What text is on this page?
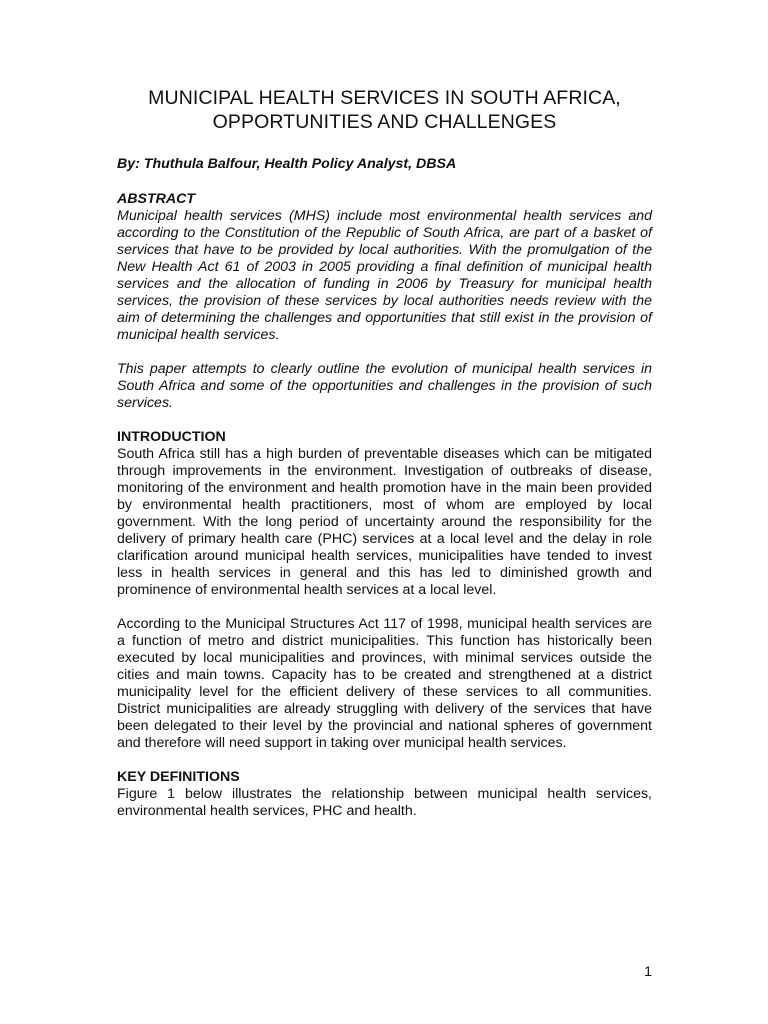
MUNICIPAL HEALTH SERVICES IN SOUTH AFRICA,
OPPORTUNITIES AND CHALLENGES
By: Thuthula Balfour, Health Policy Analyst, DBSA
ABSTRACT

Municipal health services (MHS) include most environmental health services and according to the Constitution of the Republic of South Africa, are part of a basket of services that have to be provided by local authorities. With the promulgation of the New Health Act 61 of 2003 in 2005 providing a final definition of municipal health services and the allocation of funding in 2006 by Treasury for municipal health services, the provision of these services by local authorities needs review with the aim of determining the challenges and opportunities that still exist in the provision of municipal health services.

This paper attempts to clearly outline the evolution of municipal health services in South Africa and some of the opportunities and challenges in the provision of such services.

INTRODUCTION

South Africa still has a high burden of preventable diseases which can be mitigated through improvements in the environment. Investigation of outbreaks of disease, monitoring of the environment and health promotion have in the main been provided by environmental health practitioners, most of whom are employed by local government. With the long period of uncertainty around the responsibility for the delivery of primary health care (PHC) services at a local level and the delay in role clarification around municipal health services, municipalities have tended to invest less in health services in general and this has led to diminished growth and prominence of environmental health services at a local level.

According to the Municipal Structures Act 117 of 1998, municipal health services are a function of metro and district municipalities. This function has historically been executed by local municipalities and provinces, with minimal services outside the cities and main towns. Capacity has to be created and strengthened at a district municipality level for the efficient delivery of these services to all communities. District municipalities are already struggling with delivery of the services that have been delegated to their level by the provincial and national spheres of government and therefore will need support in taking over municipal health services.

KEY DEFINITIONS

Figure 1 below illustrates the relationship between municipal health services, environmental health services, PHC and health.

1
